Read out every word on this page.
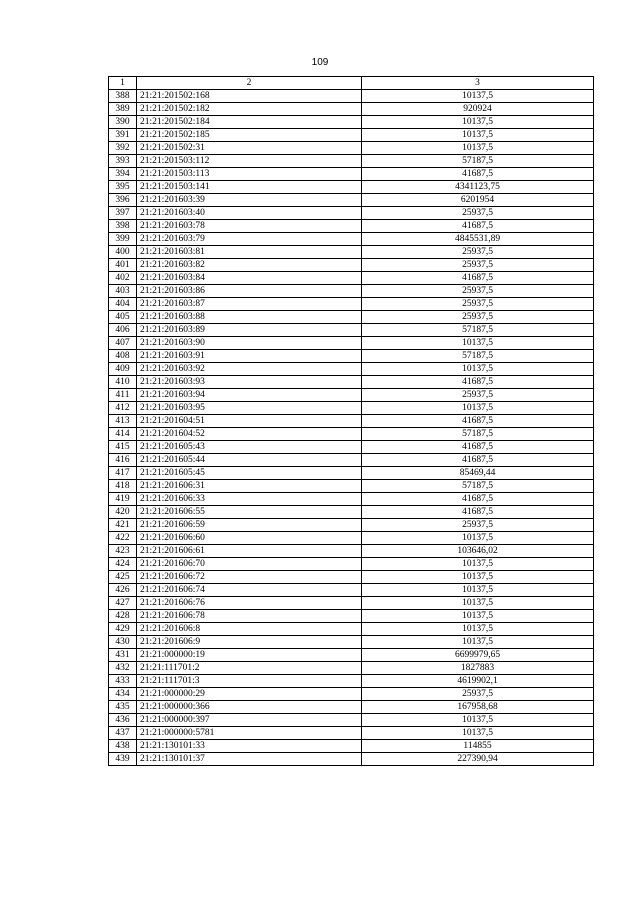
109
1	2	3
388	21:21:201502:168	10137,5
389	21:21:201502:182	920924
390	21:21:201502:184	10137,5
391	21:21:201502:185	10137,5
392	21:21:201502:31	10137,5
393	21:21:201503:112	57187,5
394	21:21:201503:113	41687,5
395	21:21:201503:141	4341123,75
396	21:21:201603:39	6201954
397	21:21:201603:40	25937,5
398	21:21:201603:78	41687,5
399	21:21:201603:79	4845531,89
400	21:21:201603:81	25937,5
401	21:21:201603:82	25937,5
402	21:21:201603:84	41687,5
403	21:21:201603:86	25937,5
404	21:21:201603:87	25937,5
405	21:21:201603:88	25937,5
406	21:21:201603:89	57187,5
407	21:21:201603:90	10137,5
408	21:21:201603:91	57187,5
409	21:21:201603:92	10137,5
410	21:21:201603:93	41687,5
411	21:21:201603:94	25937,5
412	21:21:201603:95	10137,5
413	21:21:201604:51	41687,5
414	21:21:201604:52	57187,5
415	21:21:201605:43	41687,5
416	21:21:201605:44	41687,5
417	21:21:201605:45	85469,44
418	21:21:201606:31	57187,5
419	21:21:201606:33	41687,5
420	21:21:201606:55	41687,5
421	21:21:201606:59	25937,5
422	21:21:201606:60	10137,5
423	21:21:201606:61	103646,02
424	21:21:201606:70	10137,5
425	21:21:201606:72	10137,5
426	21:21:201606:74	10137,5
427	21:21:201606:76	10137,5
428	21:21:201606:78	10137,5
429	21:21:201606:8	10137,5
430	21:21:201606:9	10137,5
431	21:21:000000:19	6699979,65
432	21:21:111701:2	1827883
433	21:21:111701:3	4619902,1
434	21:21:000000:29	25937,5
435	21:21:000000:366	167958,68
436	21:21:000000:397	10137,5
437	21:21:000000:5781	10137,5
438	21:21:130101:33	114855
439	21:21:130101:37	227390,94
